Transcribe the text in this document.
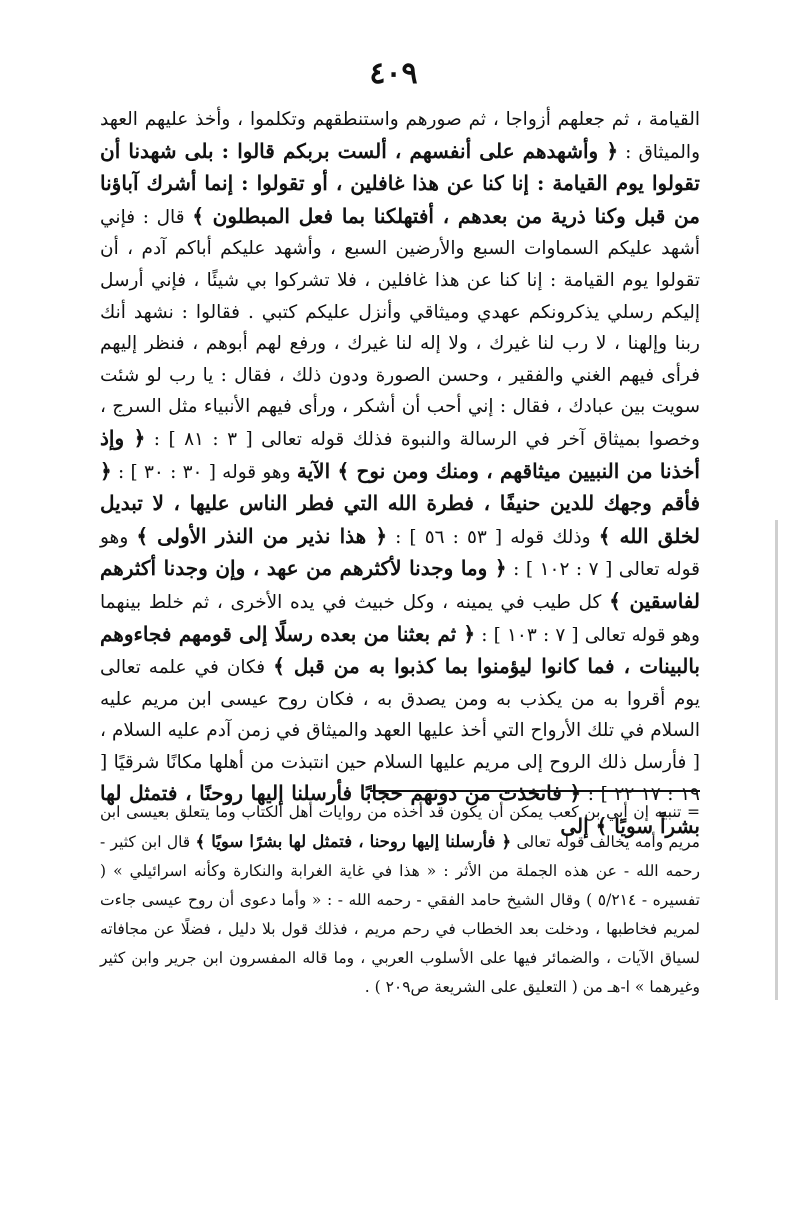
٤٠٩

القيامة ، ثم جعلهم أزواجا ، ثم صورهم واستنطقهم وتكلموا ، وأخذ عليهم العهد والميثاق : ﴿ وأشهدهم على أنفسهم ، ألست بربكم قالوا : بلى شهدنا أن تقولوا يوم القيامة : إنا كنا عن هذا غافلين ، أو تقولوا : إنما أشرك آباؤنا من قبل وكنا ذرية من بعدهم ، أفتهلكنا بما فعل المبطلون ﴾ قال : فإني أشهد عليكم السماوات السبع والأرضين السبع ، وأشهد عليكم أباكم آدم ، أن تقولوا يوم القيامة : إنا كنا عن هذا غافلين ، فلا تشركوا بي شيئًا ، فإني أرسل إليكم رسلي يذكرونكم عهدي وميثاقي وأنزل عليكم كتبي . فقالوا : نشهد أنك ربنا وإلهنا ، لا رب لنا غيرك ، ولا إله لنا غيرك ، ورفع لهم أبوهم ، فنظر إليهم فرأى فيهم الغني والفقير ، وحسن الصورة ودون ذلك ، فقال : يا رب لو شئت سويت بين عبادك ، فقال : إني أحب أن أشكر ، ورأى فيهم الأنبياء مثل السرج ، وخصوا بميثاق آخر في الرسالة والنبوة فذلك قوله تعالى [ ٣ : ٨١ ] : ﴿ وإذ أخذنا من النبيين ميثاقهم ، ومنك ومن نوح ﴾ الآية وهو قوله [ ٣٠ : ٣٠ ] : ﴿ فأقم وجهك للدين حنيفًا ، فطرة الله التي فطر الناس عليها ، لا تبديل لخلق الله ﴾ وذلك قوله [ ٥٣ : ٥٦ ] : ﴿ هذا نذير من النذر الأولى ﴾ وهو قوله تعالى [ ٧ : ١٠٢ ] : ﴿ وما وجدنا لأكثرهم من عهد ، وإن وجدنا أكثرهم لفاسقين ﴾ كل طيب في يمينه ، وكل خبيث في يده الأخرى ، ثم خلط بينهما وهو قوله تعالى [ ٧ : ١٠٣ ] : ﴿ ثم بعثنا من بعده رسلًا إلى قومهم فجاءوهم بالبينات ، فما كانوا ليؤمنوا بما كذبوا به من قبل ﴾ فكان في علمه تعالى يوم أقروا به من يكذب به ومن يصدق به ، فكان روح عيسى ابن مريم عليه السلام في تلك الأرواح التي أخذ عليها العهد والميثاق في زمن آدم عليه السلام ، [ فأرسل ذلك الروح إلى مريم عليها السلام حين انتبذت من أهلها مكانًا شرقيًا [ ١٩ : ١٧ ٢٢ ] : ﴿ فاتخذت من دونهم حجابًا فأرسلنا إليها روحنًا ، فتمثل لها بشراً سويًا ﴾ إلى

= تنبيه إن أبي بن كعب يمكن أن يكون قد أخذه من روايات أهل الكتاب وما يتعلق بعيسى ابن مريم وأمه يخالف قوله تعالى ﴿ فأرسلنا إليها روحنا ، فتمثل لها بشرًا سويًا ﴾ قال ابن كثير - رحمه الله - عن هذه الجملة من الأثر : « هذا في غاية الغرابة والنكارة وكأنه اسرائيلي » ( تفسيره - ٥/٢١٤ ) وقال الشيخ حامد الفقي - رحمه الله - : « وأما دعوى أن روح عيسى جاءت لمريم فخاطبها ، ودخلت بعد الخطاب في رحم مريم ، فذلك قول بلا دليل ، فضلًا عن مجافاته لسياق الآيات ، والضمائر فيها على الأسلوب العربي ، وما قاله المفسرون ابن جرير وابن كثير وغيرهما » ا-هـ من ( التعليق على الشريعة ص٢٠٩ ) .
